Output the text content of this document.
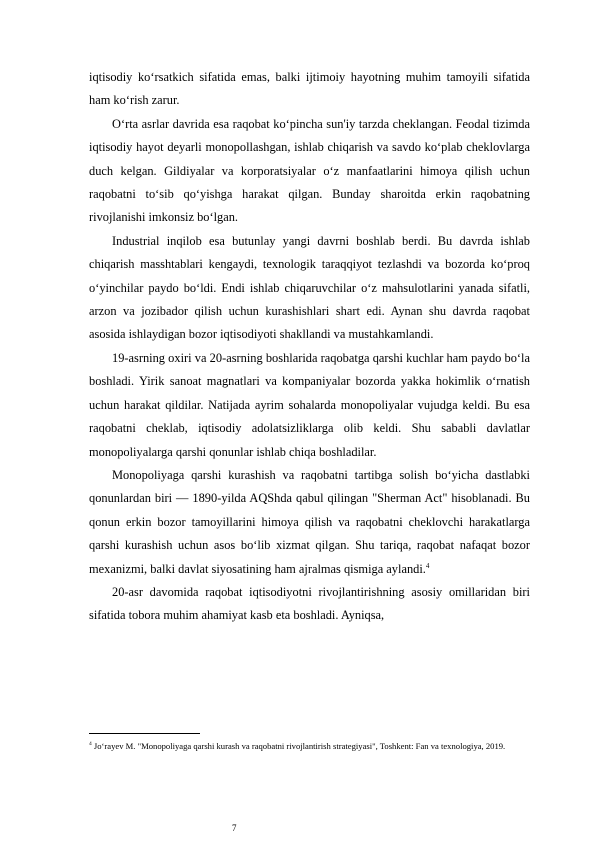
iqtisodiy ko‘rsatkich sifatida emas, balki ijtimoiy hayotning muhim tamoyili sifatida ham ko‘rish zarur.

O‘rta asrlar davrida esa raqobat ko‘pincha sun'iy tarzda cheklangan. Feodal tizimda iqtisodiy hayot deyarli monopollashgan, ishlab chiqarish va savdo ko‘plab cheklovlarga duch kelgan. Gildiyalar va korporatsiyalar o‘z manfaatlarini himoya qilish uchun raqobatni to‘sib qo‘yishga harakat qilgan. Bunday sharoitda erkin raqobatning rivojlanishi imkonsiz bo‘lgan.

Industrial inqilob esa butunlay yangi davrni boshlab berdi. Bu davrda ishlab chiqarish masshtablari kengaydi, texnologik taraqqiyot tezlashdi va bozorda ko‘proq o‘yinchilar paydo bo‘ldi. Endi ishlab chiqaruvchilar o‘z mahsulotlarini yanada sifatli, arzon va jozibador qilish uchun kurashishlari shart edi. Aynan shu davrda raqobat asosida ishlaydigan bozor iqtisodiyoti shakllandi va mustahkamlandi.

19-asrning oxiri va 20-asrning boshlarida raqobatga qarshi kuchlar ham paydo bo‘la boshladi. Yirik sanoat magnatlari va kompaniyalar bozorda yakka hokimlik o‘rnatish uchun harakat qildilar. Natijada ayrim sohalarda monopoliyalar vujudga keldi. Bu esa raqobatni cheklab, iqtisodiy adolatsizliklarga olib keldi. Shu sababli davlatlar monopoliyalarga qarshi qonunlar ishlab chiqa boshladilar.

Monopoliyaga qarshi kurashish va raqobatni tartibga solish bo‘yicha dastlabki qonunlardan biri — 1890-yilda AQShda qabul qilingan "Sherman Act" hisoblanadi. Bu qonun erkin bozor tamoyillarini himoya qilish va raqobatni cheklovchi harakatlarga qarshi kurashish uchun asos bo‘lib xizmat qilgan. Shu tariqa, raqobat nafaqat bozor mexanizmi, balki davlat siyosatining ham ajralmas qismiga aylandi.$^4$

20-asr davomida raqobat iqtisodiyotni rivojlantirishning asosiy omillaridan biri sifatida tobora muhim ahamiyat kasb eta boshladi. Ayniqsa,

$^4$ Jo‘rayev M. "Monopoliyaga qarshi kurash va raqobatni rivojlantirish strategiyasi", Toshkent: Fan va texnologiya, 2019.
7
